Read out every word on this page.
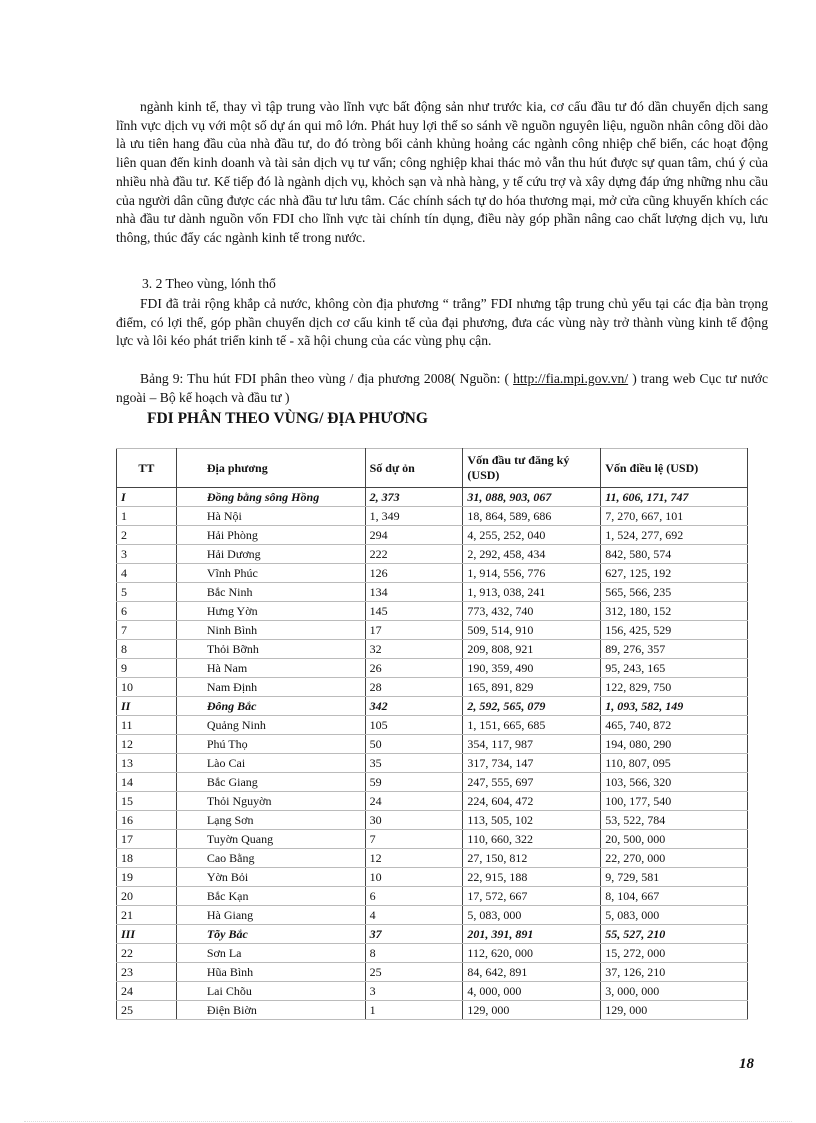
ngành kinh tế, thay vì tập trung vào lĩnh vực bất động sản như trước kia, cơ cấu đầu tư đó dần chuyển dịch sang lĩnh vực dịch vụ với một số dự án qui mô lớn. Phát huy lợi thế so sánh về nguồn nguyên liệu, nguồn nhân công dồi dào là ưu tiên hang đầu của nhà đầu tư, do đó tròng bối cảnh khủng hoảng các ngành công nhiệp chế biến, các hoạt động liên quan đến kinh doanh và tài sản dịch vụ tư vấn; công nghiệp khai thác mỏ vẫn thu hút được sự quan tâm, chú ý của nhiều nhà đầu tư. Kế tiếp đó là ngành dịch vụ, khỏch sạn và nhà hàng, y tế cứu trợ và xây dựng đáp ứng những nhu cầu của người dân cũng được các nhà đầu tư lưu tâm. Các chính sách tự do hóa thương mại, mở cửa cũng khuyến khích các nhà đầu tư dành nguồn vốn FDI cho lĩnh vực tài chính tín dụng, điều này góp phần nâng cao chất lượng dịch vụ, lưu thông, thúc đẩy các ngành kinh tế trong nước.

3. 2 Theo vùng, lónh thổ

FDI đã trải rộng khắp cả nước, không còn địa phương “ trắng” FDI nhưng tập trung chủ yếu tại các địa bàn trọng điểm, có lợi thế, góp phần chuyển dịch cơ cấu kinh tế của đại phương, đưa các vùng này trở thành vùng kinh tế động lực và lôi kéo phát triển kinh tế - xã hội chung của các vùng phụ cận.

Bảng 9: Thu hút FDI phân theo vùng / địa phương 2008( Nguồn: ( http://fia.mpi.gov.vn/ ) trang web Cục tư nước ngoài – Bộ kế hoạch và đầu tư )

FDI PHÂN THEO VÙNG/ ĐỊA PHƯƠNG
TT	Địa phương	Số dự ỏn	Vốn đầu tư đăng ký (USD)	Vốn điều lệ (USD)
I	Đồng bằng sông Hồng	2, 373	31, 088, 903, 067	11, 606, 171, 747
1	Hà Nội	1, 349	18, 864, 589, 686	7, 270, 667, 101
2	Hải Phòng	294	4, 255, 252, 040	1, 524, 277, 692
3	Hải Dương	222	2, 292, 458, 434	842, 580, 574
4	Vĩnh Phúc	126	1, 914, 556, 776	627, 125, 192
5	Bắc Ninh	134	1, 913, 038, 241	565, 566, 235
6	Hưng Yờn	145	773, 432, 740	312, 180, 152
7	Ninh Bình	17	509, 514, 910	156, 425, 529
8	Thỏi Bỡnh	32	209, 808, 921	89, 276, 357
9	Hà Nam	26	190, 359, 490	95, 243, 165
10	Nam Định	28	165, 891, 829	122, 829, 750
II	Đông Bắc	342	2, 592, 565, 079	1, 093, 582, 149
11	Quảng Ninh	105	1, 151, 665, 685	465, 740, 872
12	Phú Thọ	50	354, 117, 987	194, 080, 290
13	Lào Cai	35	317, 734, 147	110, 807, 095
14	Bắc Giang	59	247, 555, 697	103, 566, 320
15	Thỏi Nguyờn	24	224, 604, 472	100, 177, 540
16	Lạng Sơn	30	113, 505, 102	53, 522, 784
17	Tuyờn Quang	7	110, 660, 322	20, 500, 000
18	Cao Bằng	12	27, 150, 812	22, 270, 000
19	Yờn Bỏi	10	22, 915, 188	9, 729, 581
20	Bắc Kạn	6	17, 572, 667	8, 104, 667
21	Hà Giang	4	5, 083, 000	5, 083, 000
III	Tõy Bắc	37	201, 391, 891	55, 527, 210
22	Sơn La	8	112, 620, 000	15, 272, 000
23	Hũa Bình	25	84, 642, 891	37, 126, 210
24	Lai Chõu	3	4, 000, 000	3, 000, 000
25	Điện Biờn	1	129, 000	129, 000
18
